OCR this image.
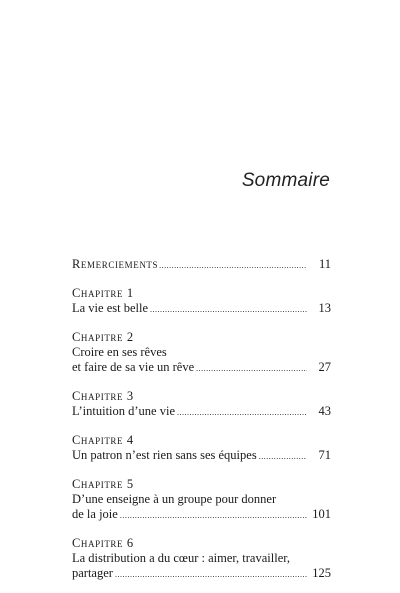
Sommaire
Remerciements .....	11
Chapitre 1
La vie est belle .....	13
Chapitre 2
Croire en ses rêves
et faire de sa vie un rêve .....	27
Chapitre 3
L’intuition d’une vie .....	43
Chapitre 4
Un patron n’est rien sans ses équipes .....	71
Chapitre 5
D’une enseigne à un groupe pour donner
de la joie .....	101
Chapitre 6
La distribution a du cœur : aimer, travailler,
partager .....	125
